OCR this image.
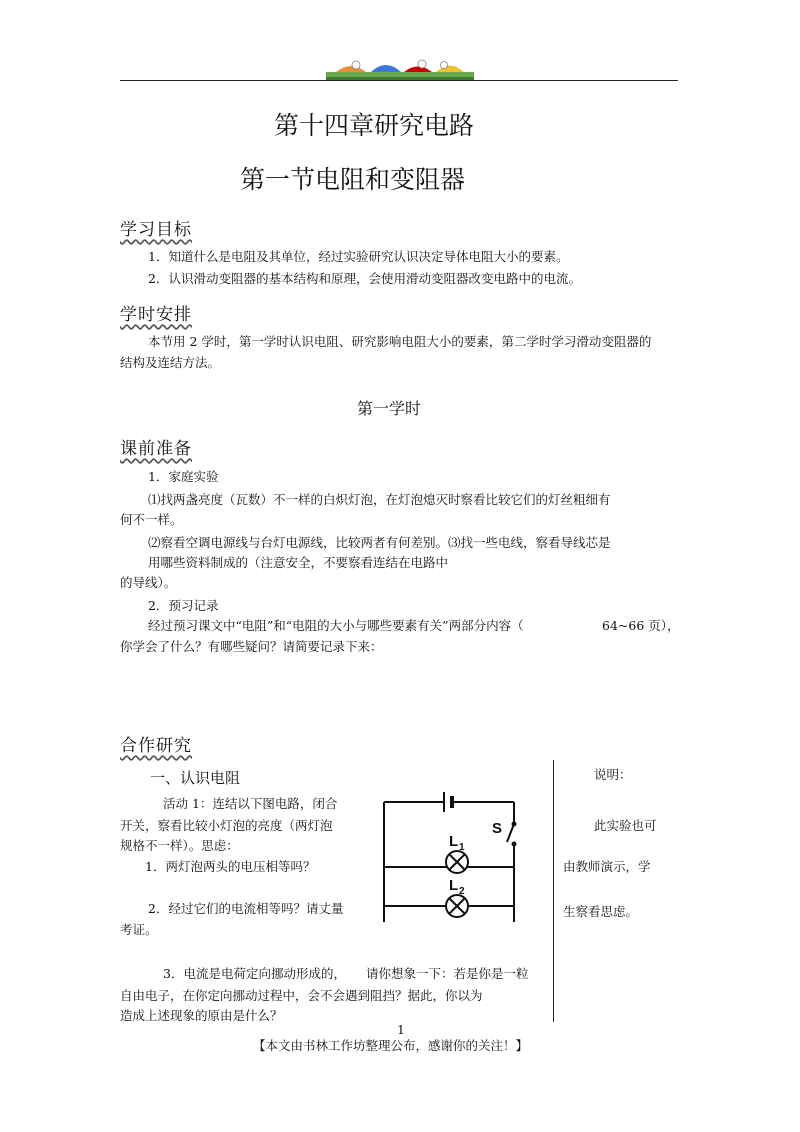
第十四章研究电路
第一节电阻和变阻器
学习目标
1．知道什么是电阻及其单位，经过实验研究认识决定导体电阻大小的要素。
2．认识滑动变阻器的基本结构和原理，会使用滑动变阻器改变电路中的电流。
学时安排
本节用 2 学时，第一学时认识电阻、研究影响电阻大小的要素，第二学时学习滑动变阻器的
结构及连结方法。
第一学时
课前准备
1．家庭实验
⑴找两盏亮度（瓦数）不一样的白炽灯泡，在灯泡熄灭时察看比较它们的灯丝粗细有
何不一样。
⑵察看空调电源线与台灯电源线，比较两者有何差别。⑶找一些电线，察看导线芯是
用哪些资料制成的（注意安全，不要察看连结在电路中
的导线）。
2．预习记录
经过预习课文中“电阻”和“电阻的大小与哪些要素有关”两部分内容（	64~66 页），
你学会了什么？有哪些疑问？请简要记录下来：
合作研究
一、认识电阻
活动 1：连结以下图电路，闭合
开关，察看比较小灯泡的亮度（两灯泡
规格不一样）。思虑：
1．两灯泡两头的电压相等吗？
2．经过它们的电流相等吗？请丈量
考证。
3．电流是电荷定向挪动形成的， 请你想象一下：若是你是一粒
自由电子，在你定向挪动过程中，会不会遇到阻挡？据此，你以为
造成上述现象的原由是什么？
S
L 1
L 2
说明：
此实验也可
由教师演示，学
生察看思虑。
1
【本文由书林工作坊整理公布，感谢你的关注！】
